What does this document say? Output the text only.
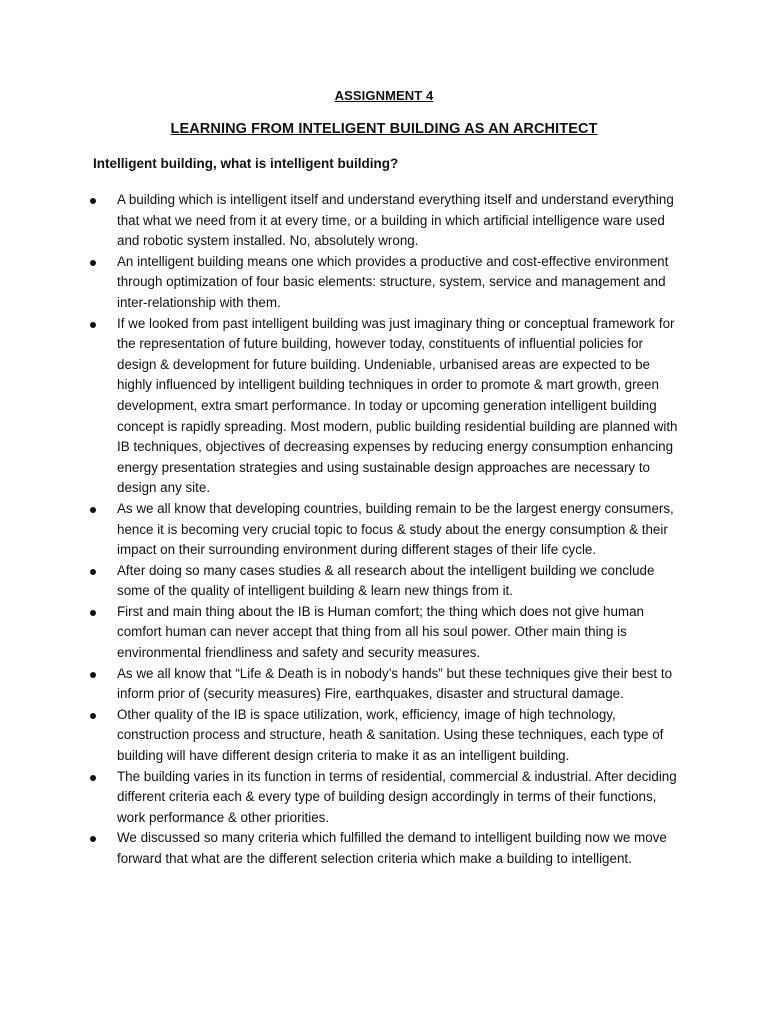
ASSIGNMENT 4
LEARNING FROM INTELIGENT BUILDING AS AN ARCHITECT
Intelligent building, what is intelligent building?
A building which is intelligent itself and understand everything itself and understand everything that what we need from it at every time, or a building in which artificial intelligence ware used and robotic system installed. No, absolutely wrong.
An intelligent building means one which provides a productive and cost-effective environment through optimization of four basic elements: structure, system, service and management and inter-relationship with them.
If we looked from past intelligent building was just imaginary thing or conceptual framework for the representation of future building, however today, constituents of influential policies for design & development for future building. Undeniable, urbanised areas are expected to be highly influenced by intelligent building techniques in order to promote & mart growth, green development, extra smart performance. In today or upcoming generation intelligent building concept is rapidly spreading. Most modern, public building residential building are planned with IB techniques, objectives of decreasing expenses by reducing energy consumption enhancing energy presentation strategies and using sustainable design approaches are necessary to design any site.
As we all know that developing countries, building remain to be the largest energy consumers, hence it is becoming very crucial topic to focus & study about the energy consumption & their impact on their surrounding environment during different stages of their life cycle.
After doing so many cases studies & all research about the intelligent building we conclude some of the quality of intelligent building & learn new things from it.
First and main thing about the IB is Human comfort; the thing which does not give human comfort human can never accept that thing from all his soul power. Other main thing is environmental friendliness and safety and security measures.
As we all know that “Life & Death is in nobody’s hands” but these techniques give their best to inform prior of (security measures) Fire, earthquakes, disaster and structural damage.
Other quality of the IB is space utilization, work, efficiency, image of high technology, construction process and structure, heath & sanitation. Using these techniques, each type of building will have different design criteria to make it as an intelligent building.
The building varies in its function in terms of residential, commercial & industrial. After deciding different criteria each & every type of building design accordingly in terms of their functions, work performance & other priorities.
We discussed so many criteria which fulfilled the demand to intelligent building now we move forward that what are the different selection criteria which make a building to intelligent.
